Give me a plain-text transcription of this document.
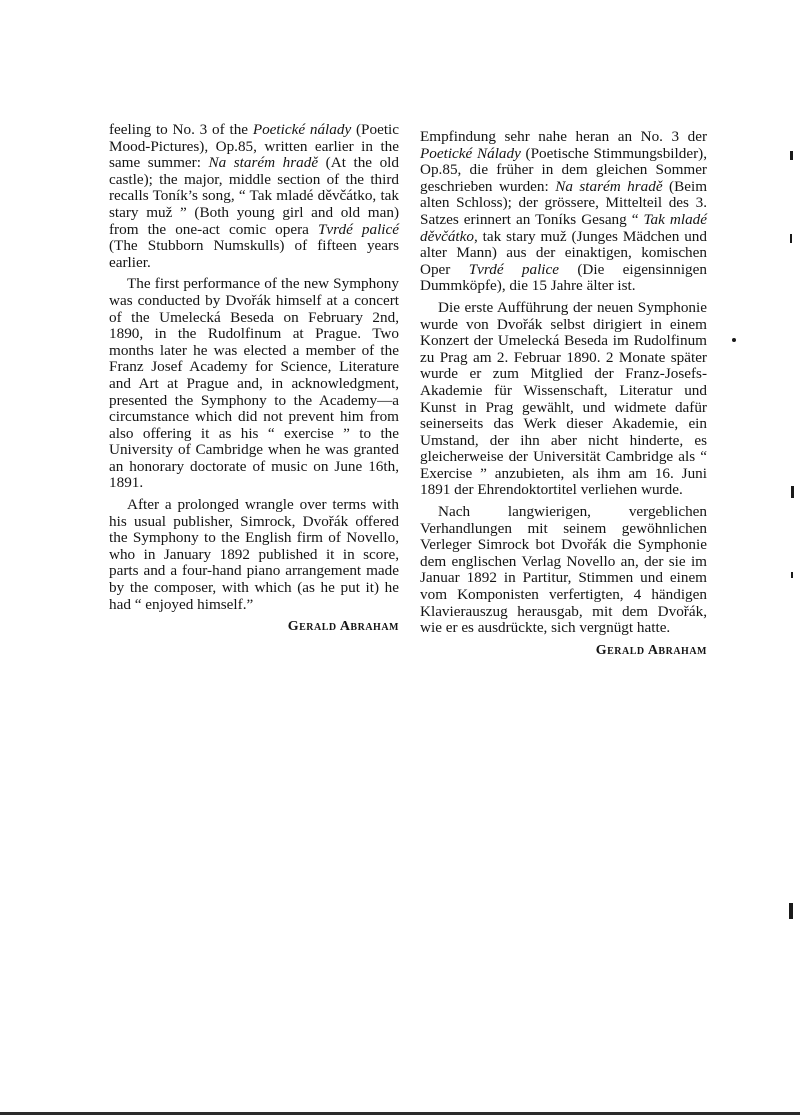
feeling to No. 3 of the Poetické nálady (Poetic Mood-Pictures), Op.85, written earlier in the same summer: Na starém hradě (At the old castle); the major, middle section of the third recalls Toník’s song, “ Tak mladé děvčátko, tak stary muž ” (Both young girl and old man) from the one-act comic opera Tvrdé palicé (The Stubborn Numskulls) of fifteen years earlier.

The first performance of the new Symphony was conducted by Dvořák himself at a concert of the Umelecká Beseda on February 2nd, 1890, in the Rudolfinum at Prague. Two months later he was elected a member of the Franz Josef Academy for Science, Literature and Art at Prague and, in acknowledgment, presented the Symphony to the Academy—a circumstance which did not prevent him from also offering it as his “ exercise ” to the University of Cambridge when he was granted an honorary doctorate of music on June 16th, 1891.

After a prolonged wrangle over terms with his usual publisher, Simrock, Dvořák offered the Symphony to the English firm of Novello, who in January 1892 published it in score, parts and a four-hand piano arrangement made by the composer, with which (as he put it) he had “ enjoyed himself.”

Gerald Abraham

Empfindung sehr nahe heran an No. 3 der Poetické Nálady (Poetische Stimmungsbilder), Op.85, die früher in dem gleichen Sommer geschrieben wurden: Na starém hradě (Beim alten Schloss); der grössere, Mittelteil des 3. Satzes erinnert an Toníks Gesang “ Tak mladé děvčátko, tak stary muž (Junges Mädchen und alter Mann) aus der einaktigen, komischen Oper Tvrdé palice (Die eigensinnigen Dummköpfe), die 15 Jahre älter ist.

Die erste Aufführung der neuen Symphonie wurde von Dvořák selbst dirigiert in einem Konzert der Umelecká Beseda im Rudolfinum zu Prag am 2. Februar 1890. 2 Monate später wurde er zum Mitglied der Franz-Josefs-Akademie für Wissenschaft, Literatur und Kunst in Prag gewählt, und widmete dafür seinerseits das Werk dieser Akademie, ein Umstand, der ihn aber nicht hinderte, es gleicherweise der Universität Cambridge als “ Exercise ” anzubieten, als ihm am 16. Juni 1891 der Ehrendoktortitel verliehen wurde.

Nach langwierigen, vergeblichen Verhandlungen mit seinem gewöhnlichen Verleger Simrock bot Dvořák die Symphonie dem englischen Verlag Novello an, der sie im Januar 1892 in Partitur, Stimmen und einem vom Komponisten verfertigten, 4 händigen Klavierauszug herausgab, mit dem Dvořák, wie er es ausdrückte, sich vergnügt hatte.

Gerald Abraham
